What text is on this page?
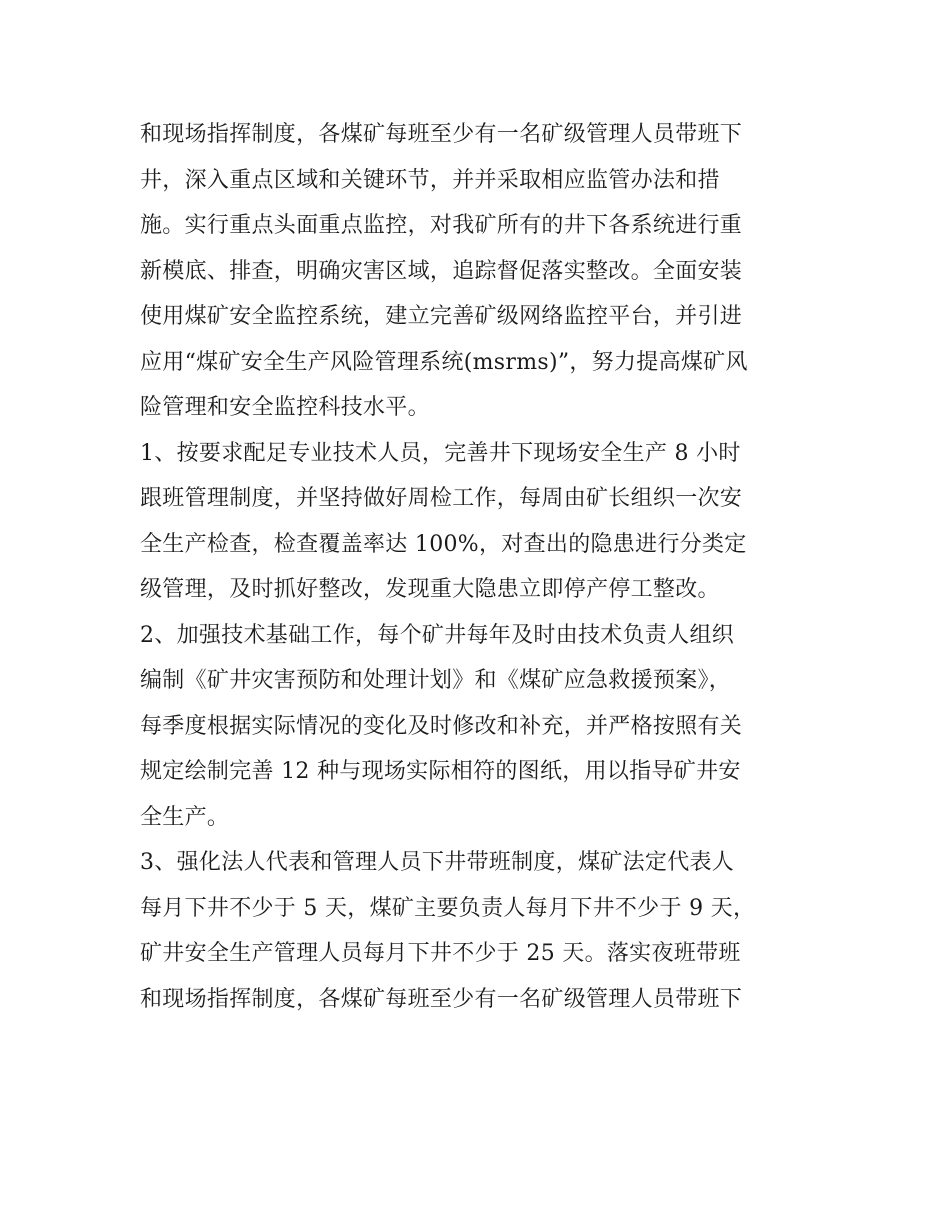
和现场指挥制度，各煤矿每班至少有一名矿级管理人员带班下
井，深入重点区域和关键环节，并并采取相应监管办法和措
施。实行重点头面重点监控，对我矿所有的井下各系统进行重
新模底、排查，明确灾害区域，追踪督促落实整改。全面安装
使用煤矿安全监控系统，建立完善矿级网络监控平台，并引进
应用“煤矿安全生产风险管理系统(msrms)”，努力提高煤矿风
险管理和安全监控科技水平。
1、按要求配足专业技术人员，完善井下现场安全生产 8 小时
跟班管理制度，并坚持做好周检工作，每周由矿长组织一次安
全生产检查，检查覆盖率达 100%，对查出的隐患进行分类定
级管理，及时抓好整改，发现重大隐患立即停产停工整改。
2、加强技术基础工作，每个矿井每年及时由技术负责人组织
编制《矿井灾害预防和处理计划》和《煤矿应急救援预案》，
每季度根据实际情况的变化及时修改和补充，并严格按照有关
规定绘制完善 12 种与现场实际相符的图纸，用以指导矿井安
全生产。
3、强化法人代表和管理人员下井带班制度，煤矿法定代表人
每月下井不少于 5 天，煤矿主要负责人每月下井不少于 9 天，
矿井安全生产管理人员每月下井不少于 25 天。落实夜班带班
和现场指挥制度，各煤矿每班至少有一名矿级管理人员带班下
